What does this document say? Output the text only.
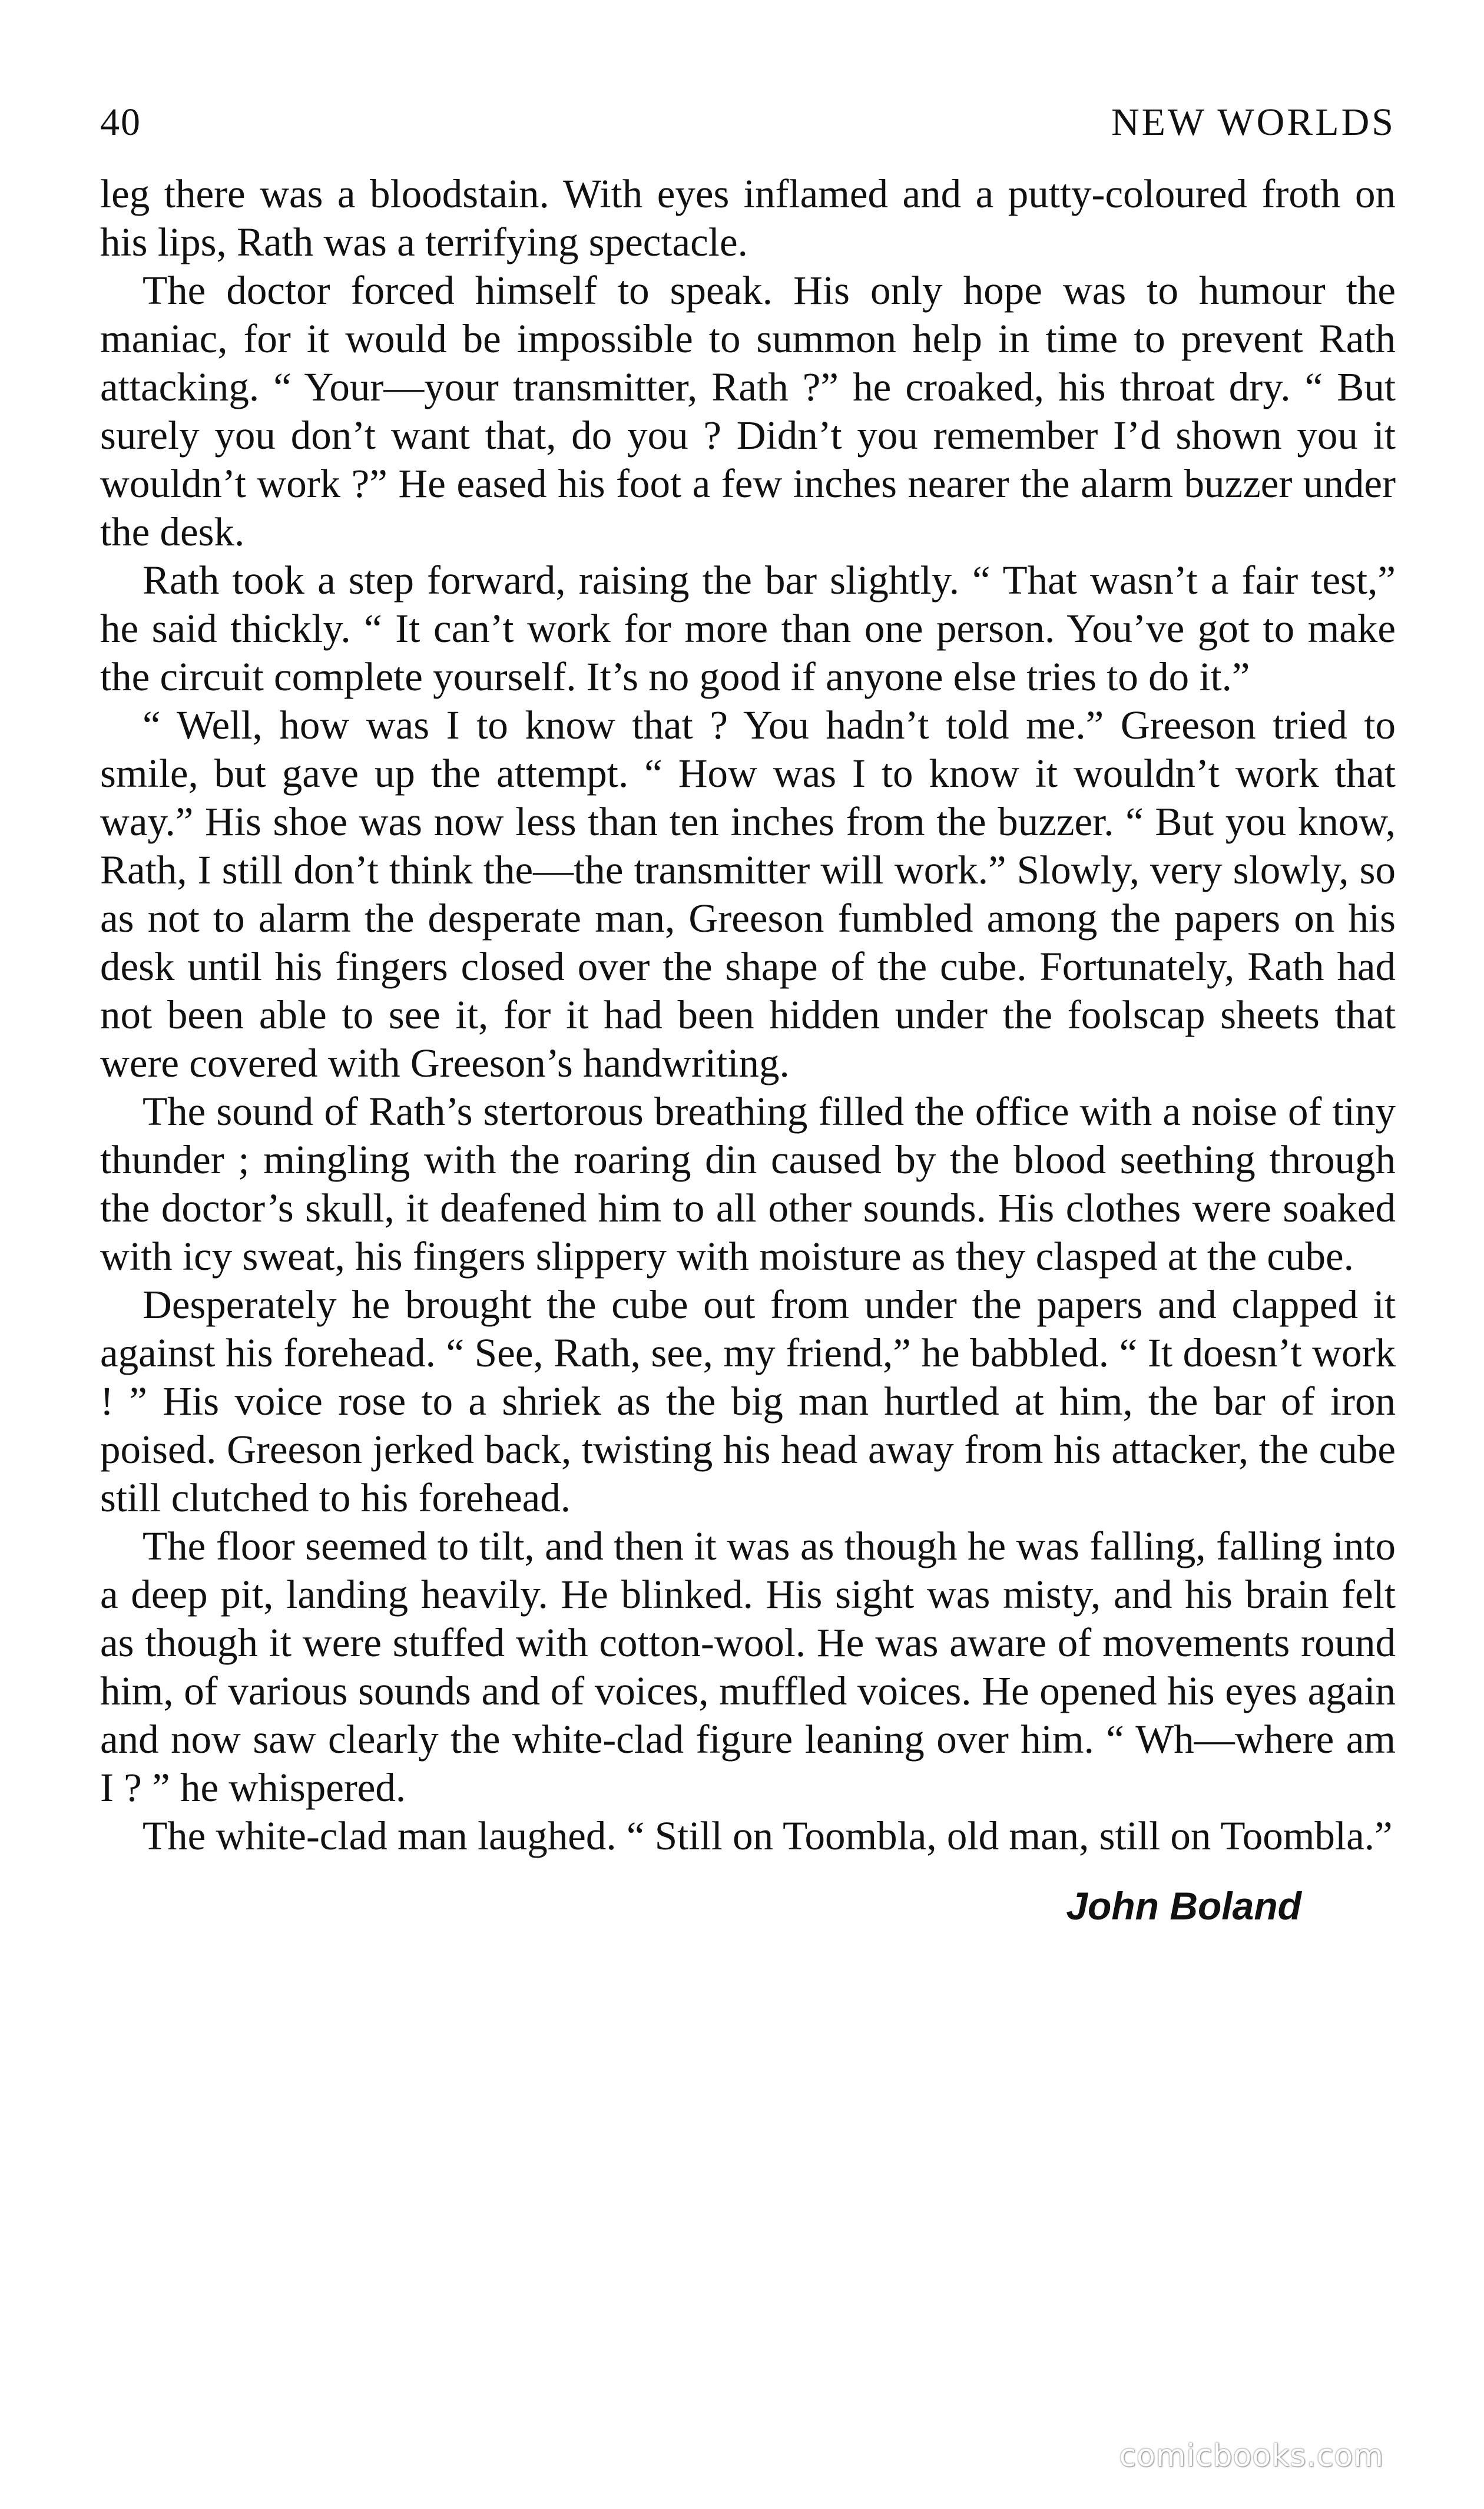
40	NEW WORLDS

leg there was a bloodstain. With eyes inflamed and a putty-coloured froth on his lips, Rath was a terrifying spectacle.

The doctor forced himself to speak. His only hope was to humour the maniac, for it would be impossible to summon help in time to prevent Rath attacking. “ Your—your transmitter, Rath ?” he croaked, his throat dry. “ But surely you don’t want that, do you ? Didn’t you remember I’d shown you it wouldn’t work ?” He eased his foot a few inches nearer the alarm buzzer under the desk.

Rath took a step forward, raising the bar slightly. “ That wasn’t a fair test,” he said thickly. “ It can’t work for more than one person. You’ve got to make the circuit complete yourself. It’s no good if anyone else tries to do it.”

“ Well, how was I to know that ? You hadn’t told me.” Greeson tried to smile, but gave up the attempt. “ How was I to know it wouldn’t work that way.” His shoe was now less than ten inches from the buzzer. “ But you know, Rath, I still don’t think the—the transmitter will work.” Slowly, very slowly, so as not to alarm the desperate man, Greeson fumbled among the papers on his desk until his fingers closed over the shape of the cube. Fortunately, Rath had not been able to see it, for it had been hidden under the foolscap sheets that were covered with Greeson’s handwriting.

The sound of Rath’s stertorous breathing filled the office with a noise of tiny thunder ; mingling with the roaring din caused by the blood seething through the doctor’s skull, it deafened him to all other sounds. His clothes were soaked with icy sweat, his fingers slippery with moisture as they clasped at the cube.

Desperately he brought the cube out from under the papers and clapped it against his forehead. “ See, Rath, see, my friend,” he babbled. “ It doesn’t work ! ” His voice rose to a shriek as the big man hurtled at him, the bar of iron poised. Greeson jerked back, twisting his head away from his attacker, the cube still clutched to his forehead.

The floor seemed to tilt, and then it was as though he was falling, falling into a deep pit, landing heavily. He blinked. His sight was misty, and his brain felt as though it were stuffed with cotton-wool. He was aware of movements round him, of various sounds and of voices, muffled voices. He opened his eyes again and now saw clearly the white-clad figure leaning over him. “ Wh—where am I ? ” he whispered.

The white-clad man laughed. “ Still on Toombla, old man, still on Toombla.”

John Boland
comicbooks.com
